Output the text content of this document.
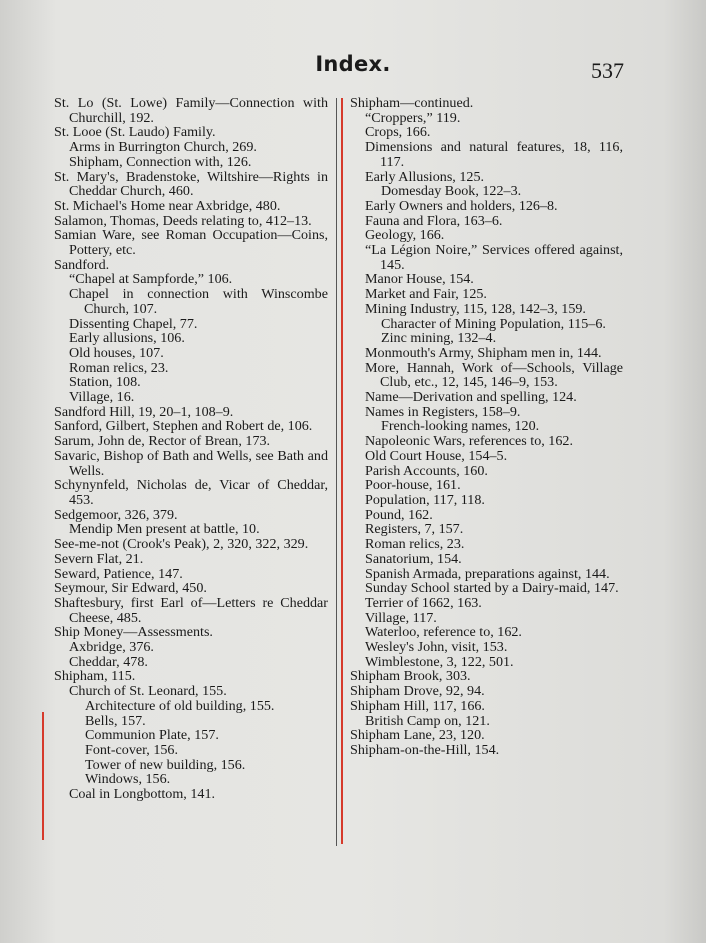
Index.	537
St. Lo (St. Lowe) Family—Connection with Churchill, 192.
St. Looe (St. Laudo) Family.
Arms in Burrington Church, 269.
Shipham, Connection with, 126.
St. Mary's, Bradenstoke, Wiltshire—Rights in Cheddar Church, 460.
St. Michael's Home near Axbridge, 480.
Salamon, Thomas, Deeds relating to, 412–13.
Samian Ware, see Roman Occupation—Coins, Pottery, etc.
Sandford.
“Chapel at Sampforde,” 106.
Chapel in connection with Winscombe Church, 107.
Dissenting Chapel, 77.
Early allusions, 106.
Old houses, 107.
Roman relics, 23.
Station, 108.
Village, 16.
Sandford Hill, 19, 20–1, 108–9.
Sanford, Gilbert, Stephen and Robert de, 106.
Sarum, John de, Rector of Brean, 173.
Savaric, Bishop of Bath and Wells, see Bath and Wells.
Schynynfeld, Nicholas de, Vicar of Cheddar, 453.
Sedgemoor, 326, 379.
Mendip Men present at battle, 10.
See-me-not (Crook's Peak), 2, 320, 322, 329.
Severn Flat, 21.
Seward, Patience, 147.
Seymour, Sir Edward, 450.
Shaftesbury, first Earl of—Letters re Cheddar Cheese, 485.
Ship Money—Assessments.
Axbridge, 376.
Cheddar, 478.
Shipham, 115.
Church of St. Leonard, 155.
Architecture of old building, 155.
Bells, 157.
Communion Plate, 157.
Font-cover, 156.
Tower of new building, 156.
Windows, 156.
Coal in Longbottom, 141.
Shipham—continued.
“Croppers,” 119.
Crops, 166.
Dimensions and natural features, 18, 116, 117.
Early Allusions, 125.
Domesday Book, 122–3.
Early Owners and holders, 126–8.
Fauna and Flora, 163–6.
Geology, 166.
“La Légion Noire,” Services offered against, 145.
Manor House, 154.
Market and Fair, 125.
Mining Industry, 115, 128, 142–3, 159.
Character of Mining Population, 115–6.
Zinc mining, 132–4.
Monmouth's Army, Shipham men in, 144.
More, Hannah, Work of—Schools, Village Club, etc., 12, 145, 146–9, 153.
Name—Derivation and spelling, 124.
Names in Registers, 158–9.
French-looking names, 120.
Napoleonic Wars, references to, 162.
Old Court House, 154–5.
Parish Accounts, 160.
Poor-house, 161.
Population, 117, 118.
Pound, 162.
Registers, 7, 157.
Roman relics, 23.
Sanatorium, 154.
Spanish Armada, preparations against, 144.
Sunday School started by a Dairy-maid, 147.
Terrier of 1662, 163.
Village, 117.
Waterloo, reference to, 162.
Wesley's John, visit, 153.
Wimblestone, 3, 122, 501.
Shipham Brook, 303.
Shipham Drove, 92, 94.
Shipham Hill, 117, 166.
British Camp on, 121.
Shipham Lane, 23, 120.
Shipham-on-the-Hill, 154.
